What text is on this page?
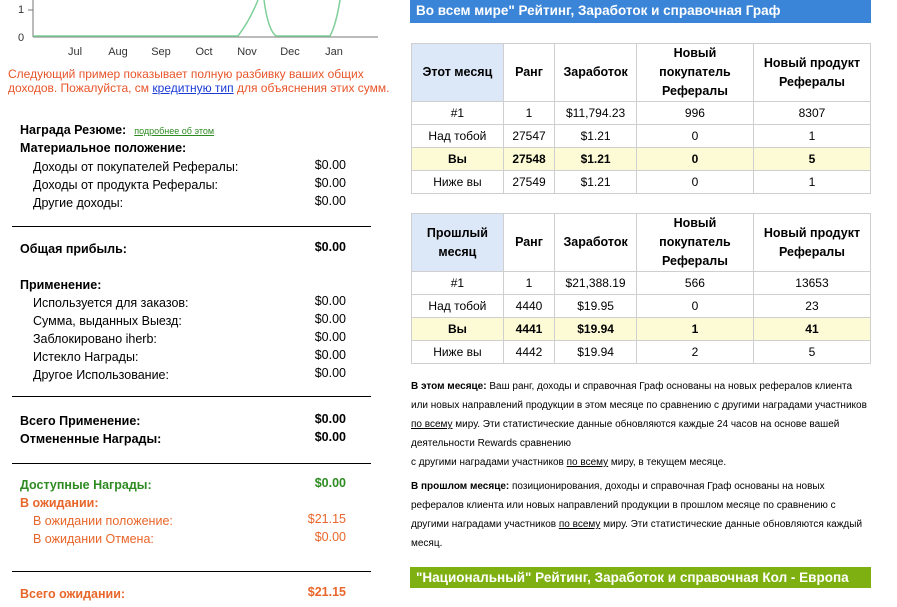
0
1
Jul Aug Sep Oct Nov Dec Jan
Следующий пример показывает полную разбивку ваших общих доходов. Пожалуйста, см кредитную тип для объяснения этих сумм.
Награда Резюме: подробнее об этом
Материальное положение:
Доходы от покупателей Рефералы:	$0.00
Доходы от продукта Рефералы:	$0.00
Другие доходы:	$0.00
Общая прибыль:	$0.00
Применение:
Используется для заказов:	$0.00
Сумма, выданных Выезд:	$0.00
Заблокировано iherb:	$0.00
Истекло Награды:	$0.00
Другое Использование:	$0.00
Всего Применение:	$0.00
Отмененные Награды:	$0.00
Доступные Награды:	$0.00
В ожидании:
В ожидании положение:	$21.15
В ожидании Отмена:	$0.00
Всего ожидании:	$21.15
Во всем мире" Рейтинг, Заработок и справочная Граф
Этот месяц	Ранг	Заработок	Новый покупатель Рефералы	Новый продукт Рефералы
#1	1	$11,794.23	996	8307
Над тобой	27547	$1.21	0	1
Вы	27548	$1.21	0	5
Ниже вы	27549	$1.21	0	1
Прошлый месяц	Ранг	Заработок	Новый покупатель Рефералы	Новый продукт Рефералы
#1	1	$21,388.19	566	13653
Над тобой	4440	$19.95	0	23
Вы	4441	$19.94	1	41
Ниже вы	4442	$19.94	2	5
В этом месяце: Ваш ранг, доходы и справочная Граф основаны на новых рефералов клиента или новых направлений продукции в этом месяце по сравнению с другими наградами участников по всему миру. Эти статистические данные обновляются каждые 24 часов на основе вашей деятельности Rewards сравнению
с другими наградами участников по всему миру, в текущем месяце.
В прошлом месяце: позиционирования, доходы и справочная Граф основаны на новых рефералов клиента или новых направлений продукции в прошлом месяце по сравнению с другими наградами участников по всему миру. Эти статистические данные обновляются каждый месяц.
"Национальный" Рейтинг, Заработок и справочная Кол - Европа
